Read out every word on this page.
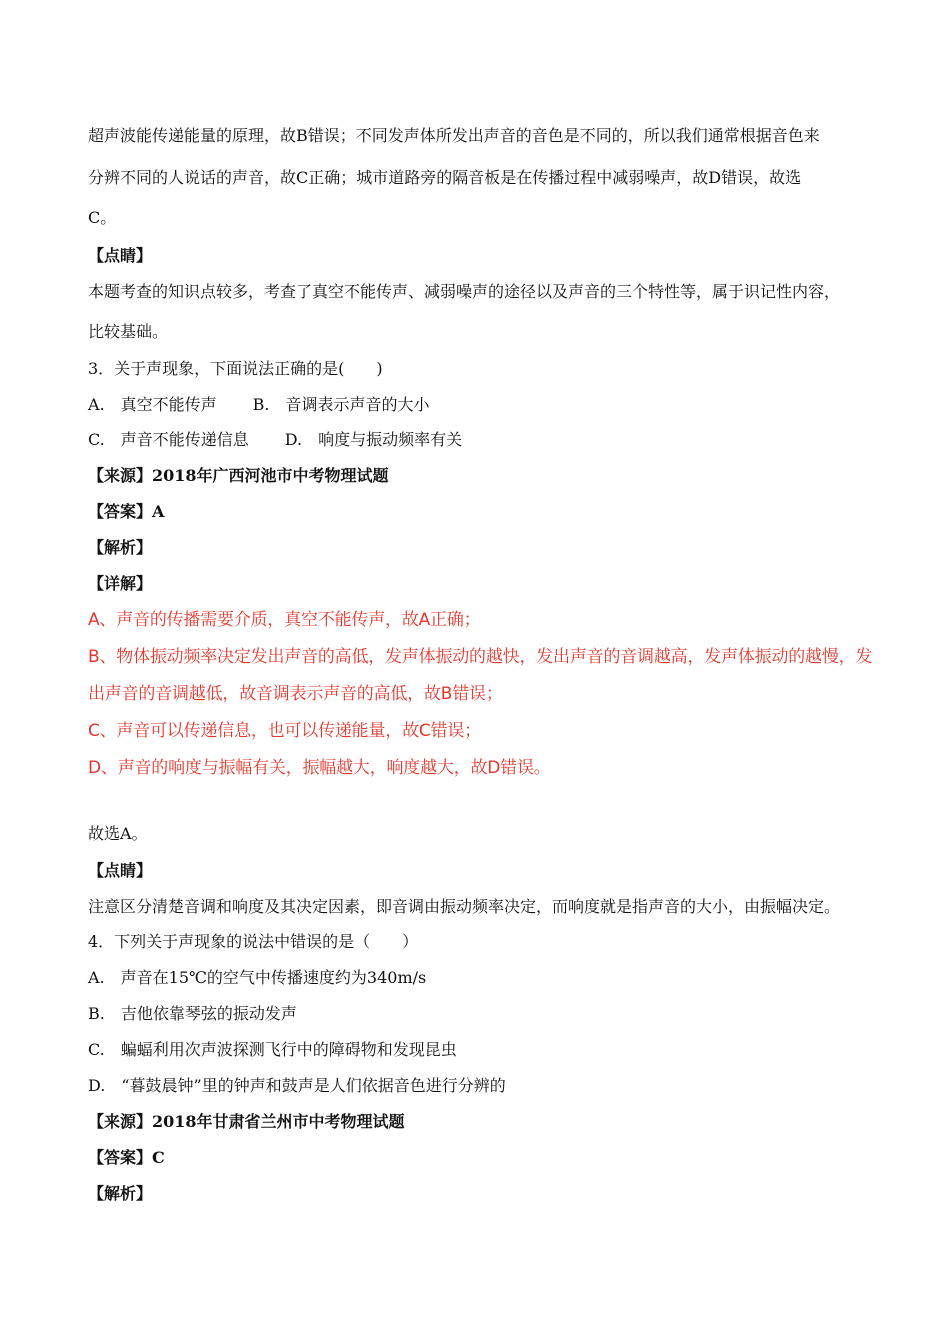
超声波能传递能量的原理，故B错误；不同发声体所发出声音的音色是不同的，所以我们通常根据音色来
分辨不同的人说话的声音，故C正确；城市道路旁的隔音板是在传播过程中减弱噪声，故D错误，故选
C。
【点睛】
本题考查的知识点较多，考查了真空不能传声、减弱噪声的途径以及声音的三个特性等，属于识记性内容，
比较基础。
3．关于声现象，下面说法正确的是(　　)
A.　真空不能传声 B.　音调表示声音的大小
C.　声音不能传递信息 D.　响度与振动频率有关
【来源】2018年广西河池市中考物理试题
【答案】A
【解析】
【详解】
A、声音的传播需要介质，真空不能传声，故A正确；
B、物体振动频率决定发出声音的高低，发声体振动的越快，发出声音的音调越高，发声体振动的越慢，发
出声音的音调越低，故音调表示声音的高低，故B错误；
C、声音可以传递信息，也可以传递能量，故C错误；
D、声音的响度与振幅有关，振幅越大，响度越大，故D错误。
故选A。
【点睛】
注意区分清楚音调和响度及其决定因素，即音调由振动频率决定，而响度就是指声音的大小，由振幅决定。
4．下列关于声现象的说法中错误的是（　　）
A.　声音在15℃的空气中传播速度约为340m/s
B.　吉他依靠琴弦的振动发声
C.　蝙蝠利用次声波探测飞行中的障碍物和发现昆虫
D.　“暮鼓晨钟”里的钟声和鼓声是人们依据音色进行分辨的
【来源】2018年甘肃省兰州市中考物理试题
【答案】C
【解析】
